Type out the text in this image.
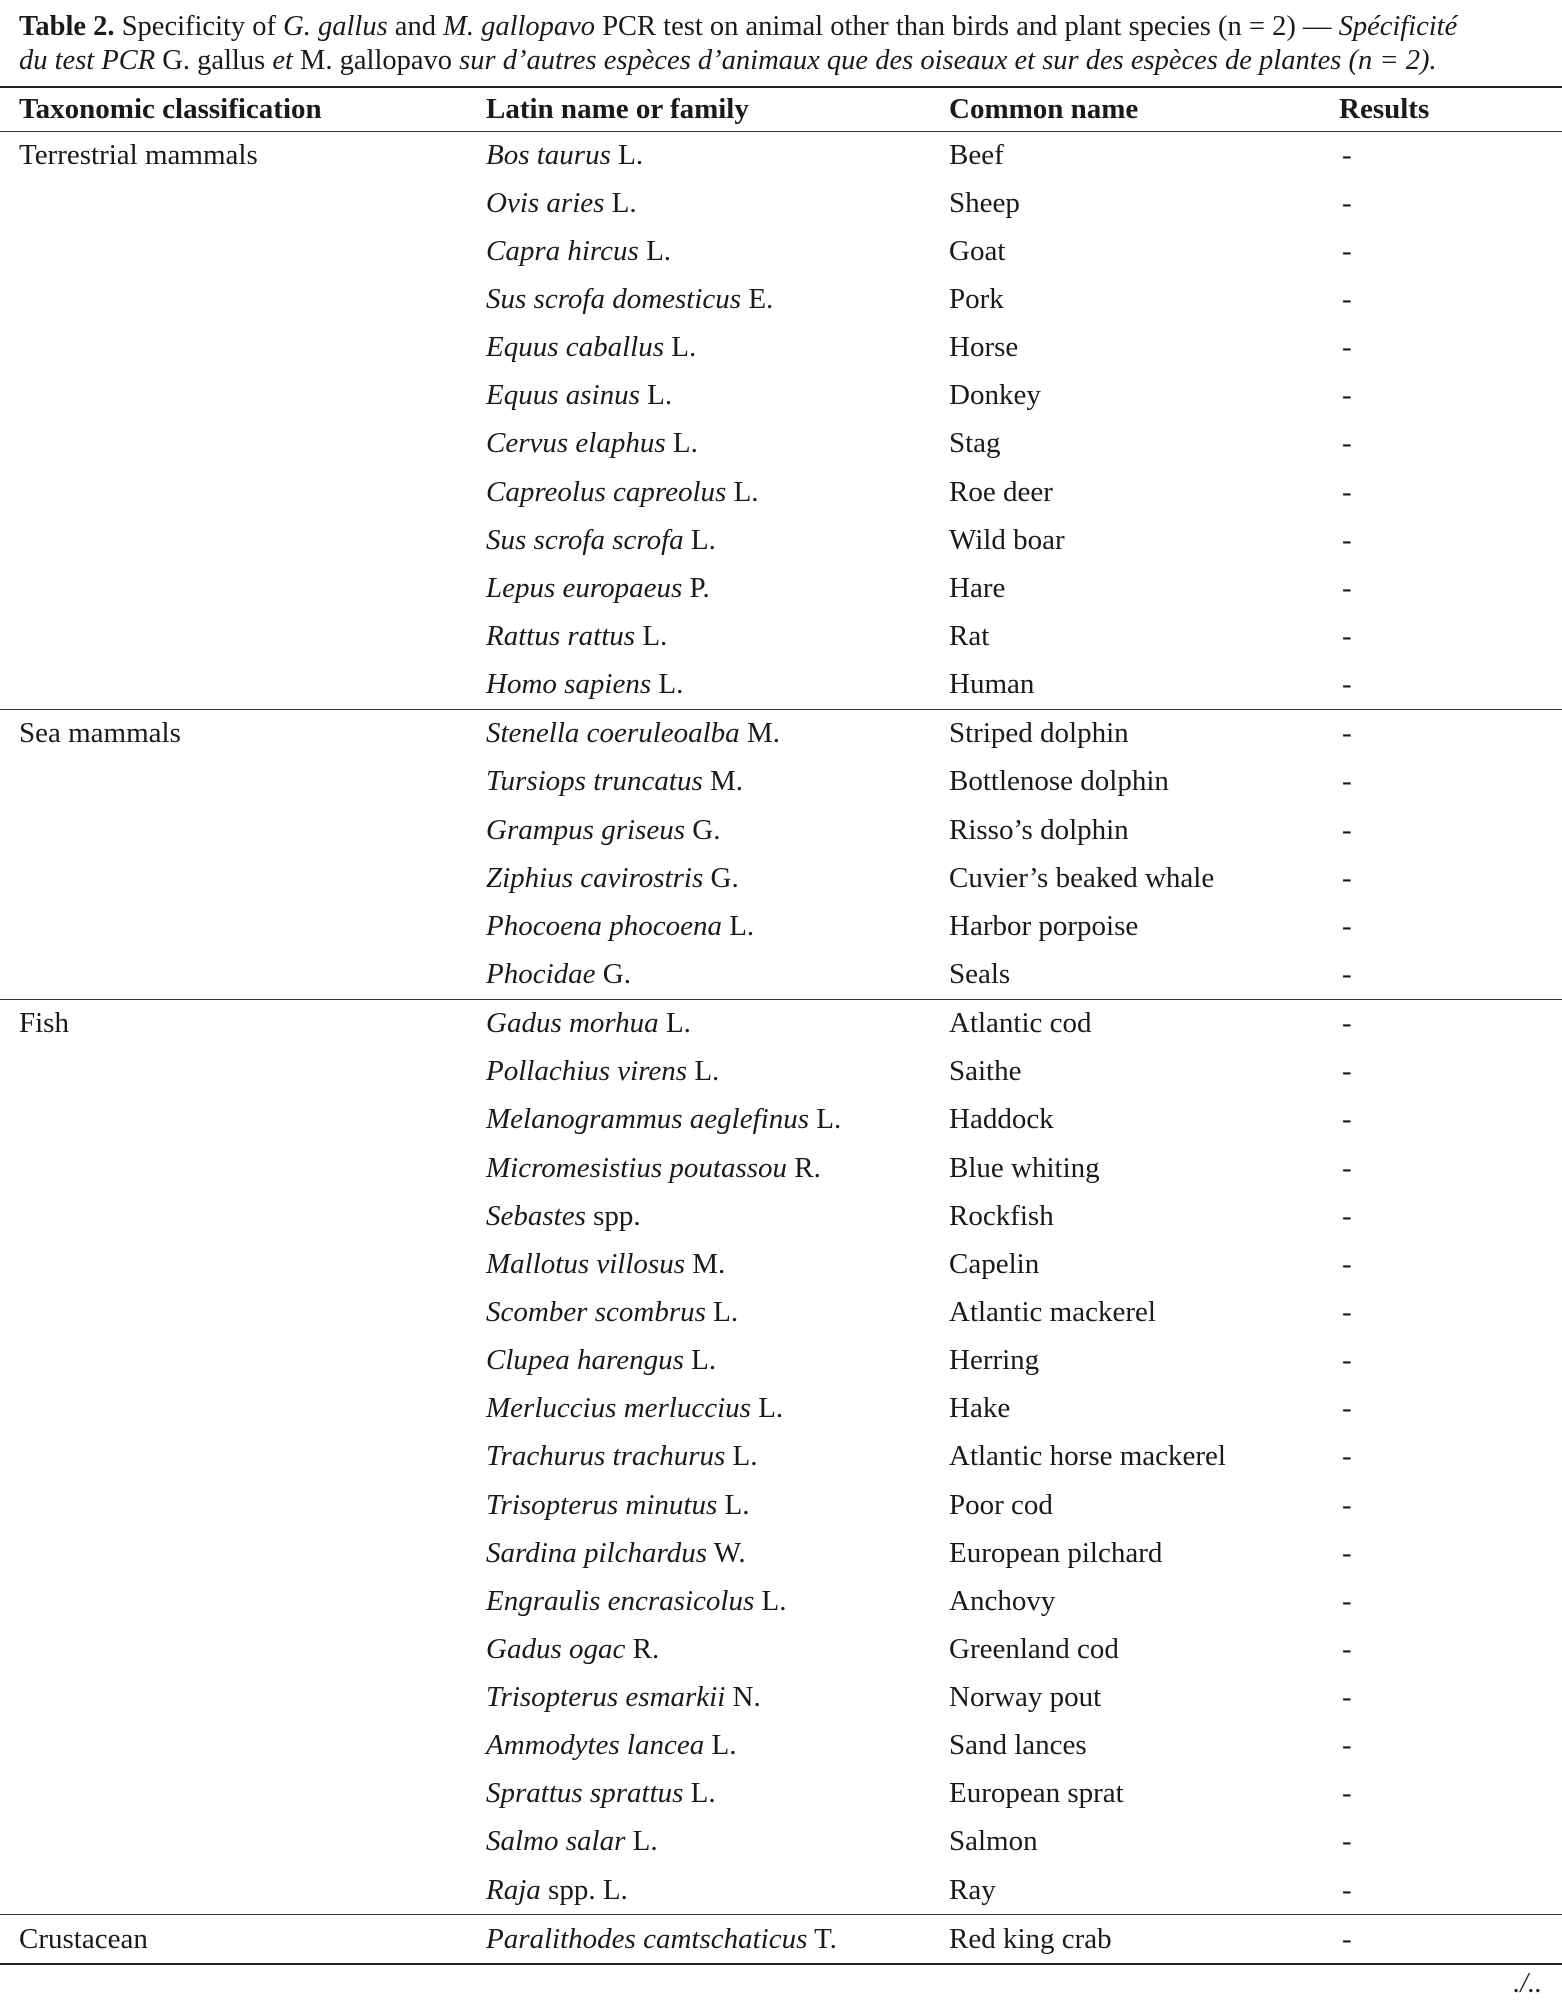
Table 2. Specificity of G. gallus and M. gallopavo PCR test on animal other than birds and plant species (n = 2) — Spécificité
du test PCR G. gallus et M. gallopavo sur d’autres espèces d’animaux que des oiseaux et sur des espèces de plantes (n = 2).
Taxonomic classification	Latin name or family	Common name	Results
Terrestrial mammals	Bos taurus L.	Beef	-
	Ovis aries L.	Sheep	-
	Capra hircus L.	Goat	-
	Sus scrofa domesticus E.	Pork	-
	Equus caballus L.	Horse	-
	Equus asinus L.	Donkey	-
	Cervus elaphus L.	Stag	-
	Capreolus capreolus L.	Roe deer	-
	Sus scrofa scrofa L.	Wild boar	-
	Lepus europaeus P.	Hare	-
	Rattus rattus L.	Rat	-
	Homo sapiens L.	Human	-
Sea mammals	Stenella coeruleoalba M.	Striped dolphin	-
	Tursiops truncatus M.	Bottlenose dolphin	-
	Grampus griseus G.	Risso’s dolphin	-
	Ziphius cavirostris G.	Cuvier’s beaked whale	-
	Phocoena phocoena L.	Harbor porpoise	-
	Phocidae G.	Seals	-
Fish	Gadus morhua L.	Atlantic cod	-
	Pollachius virens L.	Saithe	-
	Melanogrammus aeglefinus L.	Haddock	-
	Micromesistius poutassou R.	Blue whiting	-
	Sebastes spp.	Rockfish	-
	Mallotus villosus M.	Capelin	-
	Scomber scombrus L.	Atlantic mackerel	-
	Clupea harengus L.	Herring	-
	Merluccius merluccius L.	Hake	-
	Trachurus trachurus L.	Atlantic horse mackerel	-
	Trisopterus minutus L.	Poor cod	-
	Sardina pilchardus W.	European pilchard	-
	Engraulis encrasicolus L.	Anchovy	-
	Gadus ogac R.	Greenland cod	-
	Trisopterus esmarkii N.	Norway pout	-
	Ammodytes lancea L.	Sand lances	-
	Sprattus sprattus L.	European sprat	-
	Salmo salar L.	Salmon	-
	Raja spp. L.	Ray	-
Crustacean	Paralithodes camtschaticus T.	Red king crab	-
./..
